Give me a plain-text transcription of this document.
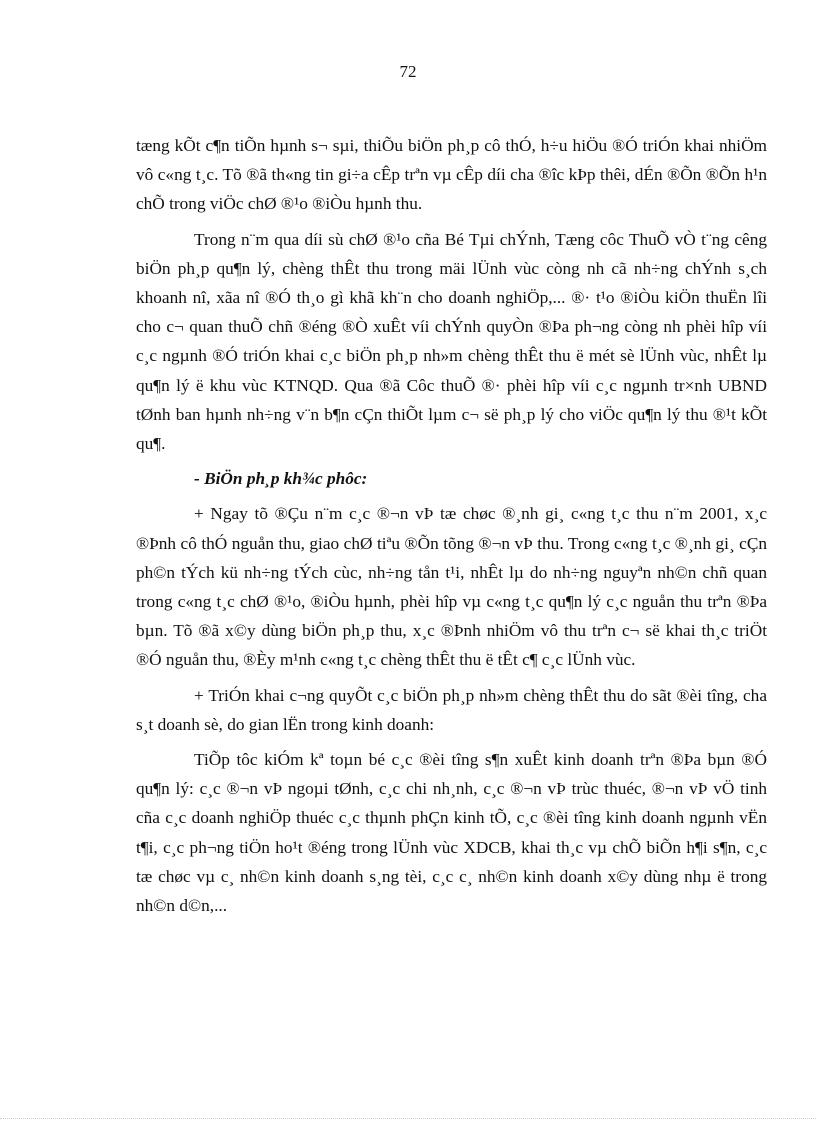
72

tæng kÕt c¶n tiÕn hµnh s¬ sµi, thiÕu biÖn ph¸p cô thÓ, h÷u hiÖu ®Ó triÓn khai nhiÖm vô c«ng t¸c. Tõ ®ã th«ng tin gi÷a cÊp trªn vµ cÊp díi cha ®îc kÞp thêi, dÉn ®Õn ®Õn h¹n chÕ trong viÖc chØ ®¹o ®iÒu hµnh thu.

Trong n¨m qua díi sù chØ ®¹o cña Bé Tµi chÝnh, Tæng côc ThuÕ vÒ t¨ng cêng biÖn ph¸p qu¶n lý, chèng thÊt thu trong mäi lÜnh vùc còng nh cã nh÷ng chÝnh s¸ch khoanh nî, xãa nî ®Ó th¸o gì khã kh¨n cho doanh nghiÖp,... ®· t¹o ®iÒu kiÖn thuËn lîi cho c¬ quan thuÕ chñ ®éng ®Ò xuÊt víi chÝnh quyÒn ®Þa ph¬ng còng nh phèi hîp víi c¸c ngµnh ®Ó triÓn khai c¸c biÖn ph¸p nh»m chèng thÊt thu ë mét sè lÜnh vùc, nhÊt lµ qu¶n lý ë khu vùc KTNQD. Qua ®ã Côc thuÕ ®· phèi hîp víi c¸c ngµnh tr×nh UBND tØnh ban hµnh nh÷ng v¨n b¶n cÇn thiÕt lµm c¬ së ph¸p lý cho viÖc qu¶n lý thu ®¹t kÕt qu¶.

- BiÖn ph¸p kh¾c phôc:

+ Ngay tõ ®Çu n¨m c¸c ®¬n vÞ tæ chøc ®¸nh gi¸ c«ng t¸c thu n¨m 2001, x¸c ®Þnh cô thÓ nguån thu, giao chØ tiªu ®Õn tõng ®¬n vÞ thu. Trong c«ng t¸c ®¸nh gi¸ cÇn ph©n tÝch kü nh÷ng tÝch cùc, nh÷ng tån t¹i, nhÊt lµ do nh÷ng nguyªn nh©n chñ quan trong c«ng t¸c chØ ®¹o, ®iÒu hµnh, phèi hîp vµ c«ng t¸c qu¶n lý c¸c nguån thu trªn ®Þa bµn. Tõ ®ã x©y dùng biÖn ph¸p thu, x¸c ®Þnh nhiÖm vô thu trªn c¬ së khai th¸c triÖt ®Ó nguån thu, ®Èy m¹nh c«ng t¸c chèng thÊt thu ë tÊt c¶ c¸c lÜnh vùc.

+ TriÓn khai c¬ng quyÕt c¸c biÖn ph¸p nh»m chèng thÊt thu do sãt ®èi tîng, cha s¸t doanh sè, do gian lËn trong kinh doanh:

TiÕp tôc kiÓm kª toµn bé c¸c ®èi tîng s¶n xuÊt kinh doanh trªn ®Þa bµn ®Ó qu¶n lý: c¸c ®¬n vÞ ngoµi tØnh, c¸c chi nh¸nh, c¸c ®¬n vÞ trùc thuéc, ®¬n vÞ vÖ tinh cña c¸c doanh nghiÖp thuéc c¸c thµnh phÇn kinh tÕ, c¸c ®èi tîng kinh doanh ngµnh vËn t¶i, c¸c ph¬ng tiÖn ho¹t ®éng trong lÜnh vùc XDCB, khai th¸c vµ chÕ biÕn h¶i s¶n, c¸c tæ chøc vµ c¸ nh©n kinh doanh s¸ng tèi, c¸c c¸ nh©n kinh doanh x©y dùng nhµ ë trong nh©n d©n,...
